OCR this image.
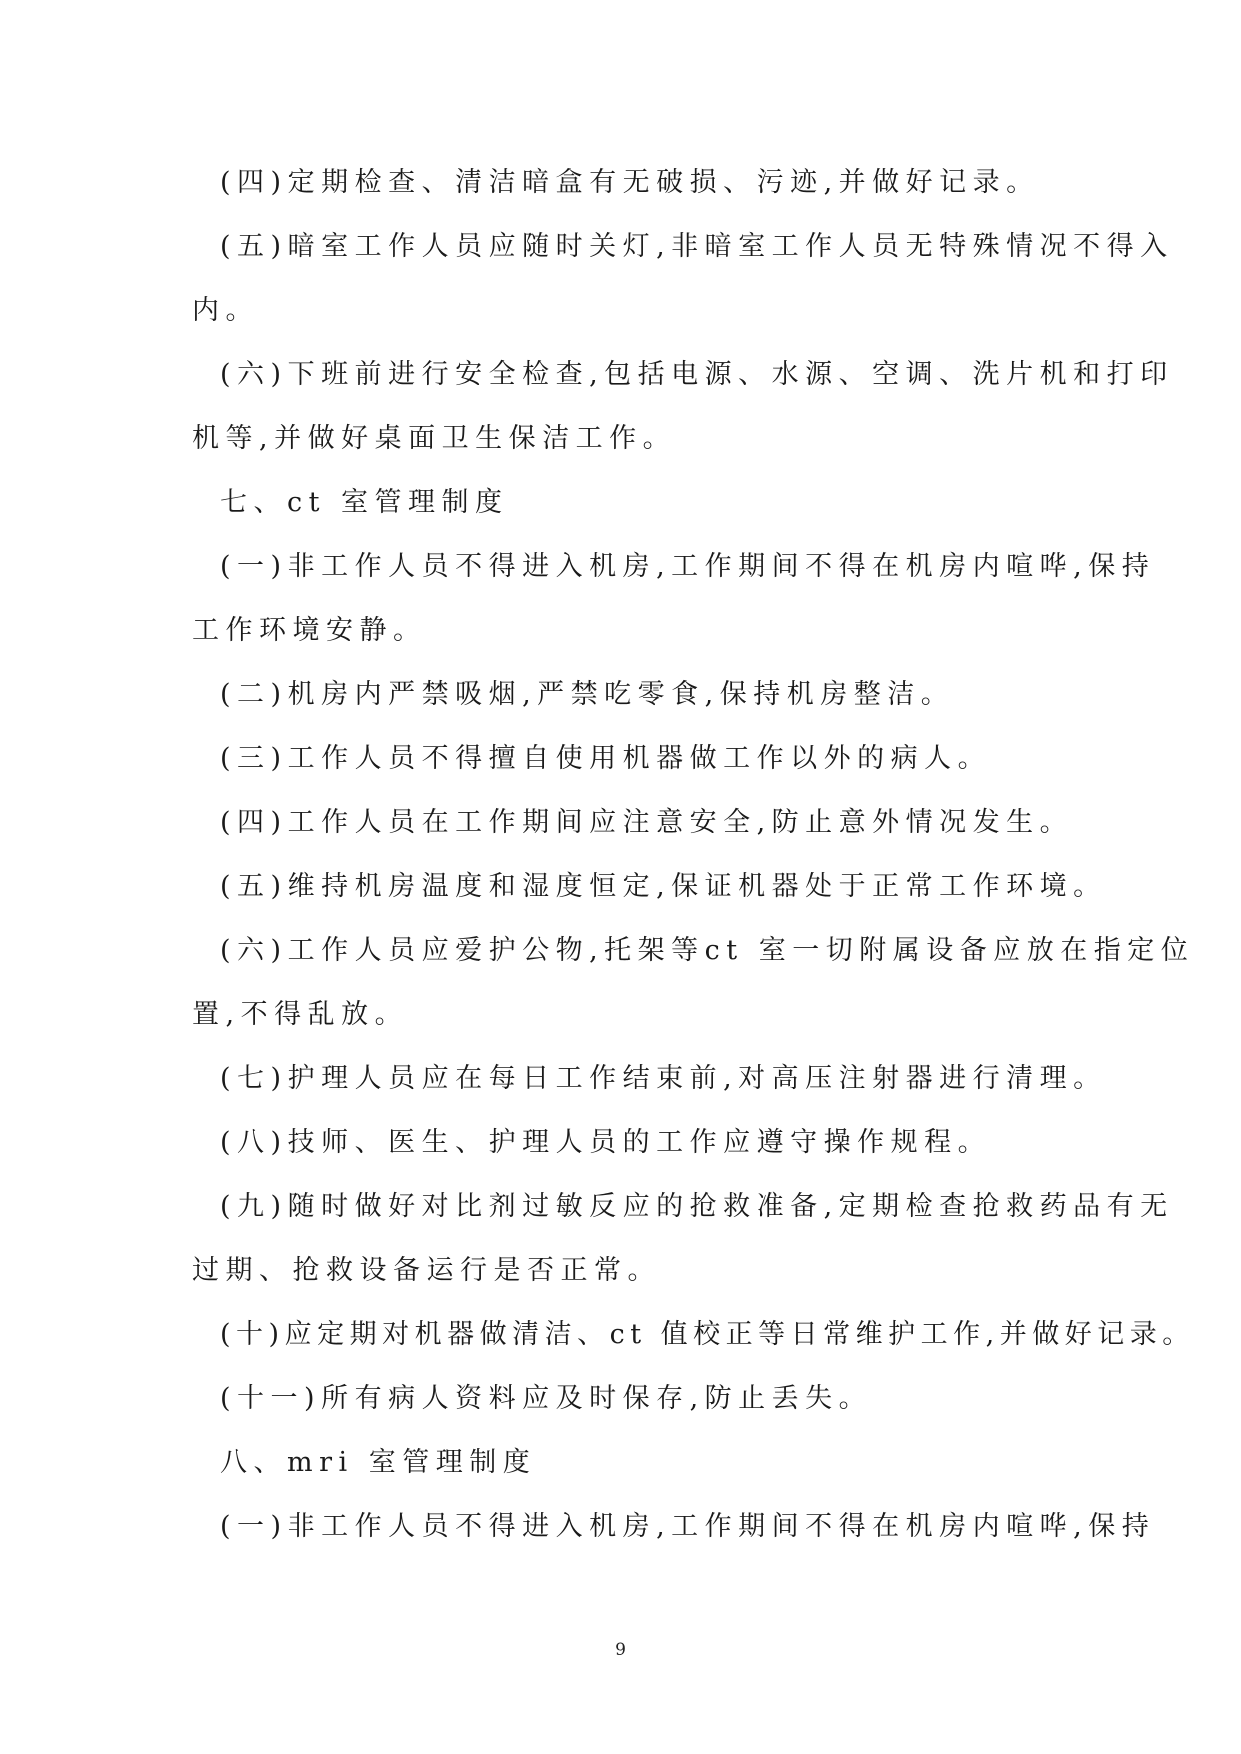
(四)定期检查、清洁暗盒有无破损、污迹,并做好记录。
(五)暗室工作人员应随时关灯,非暗室工作人员无特殊情况不得入
内。
(六)下班前进行安全检查,包括电源、水源、空调、洗片机和打印
机等,并做好桌面卫生保洁工作。
七、ct 室管理制度
(一)非工作人员不得进入机房,工作期间不得在机房内喧哗,保持
工作环境安静。
(二)机房内严禁吸烟,严禁吃零食,保持机房整洁。
(三)工作人员不得擅自使用机器做工作以外的病人。
(四)工作人员在工作期间应注意安全,防止意外情况发生。
(五)维持机房温度和湿度恒定,保证机器处于正常工作环境。
(六)工作人员应爱护公物,托架等ct 室一切附属设备应放在指定位
置,不得乱放。
(七)护理人员应在每日工作结束前,对高压注射器进行清理。
(八)技师、医生、护理人员的工作应遵守操作规程。
(九)随时做好对比剂过敏反应的抢救准备,定期检查抢救药品有无
过期、抢救设备运行是否正常。
(十)应定期对机器做清洁、ct 值校正等日常维护工作,并做好记录。
(十一)所有病人资料应及时保存,防止丢失。
八、mri 室管理制度
(一)非工作人员不得进入机房,工作期间不得在机房内喧哗,保持
9
